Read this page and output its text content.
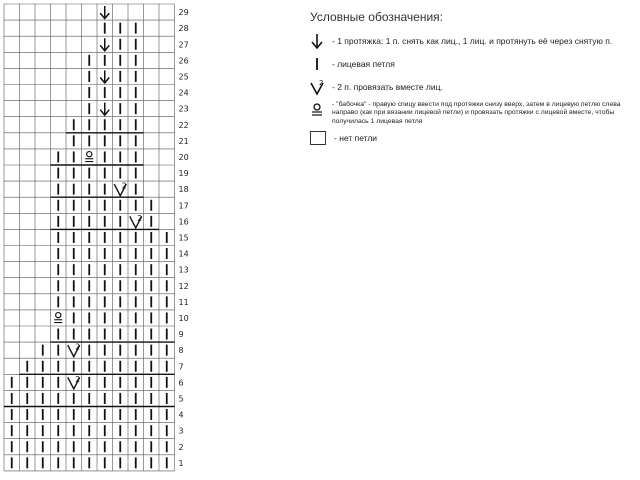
2
2
2
2
1
2
3
4
5
6
7
8
9
10
11
12
13
14
15
16
17
18
19
20
21
22
23
24
25
26
27
28
29	Условные обозначения:
- 1 протяжка: 1 п. снять как лиц., 1 лиц. и протянуть её через снятую п.
- лицевая петля
2 - 2 п. провязать вместе лиц.
- "бабочка" - правую спицу ввести под протяжки снизу вверх, затем в лицевую петлю слева направо (как при вязании лицевой петли) и провязать протяжки с лицевой вместе, чтобы получилась 1 лицевая петля
- нет петли
